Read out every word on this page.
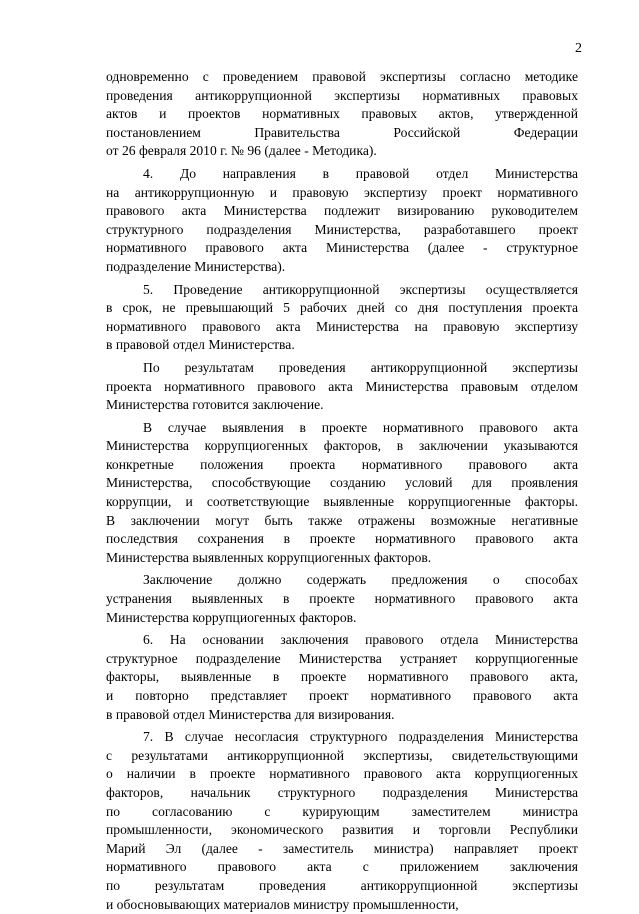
2
одновременно с проведением правовой экспертизы согласно методике
проведения антикоррупционной экспертизы нормативных правовых
актов и проектов нормативных правовых актов, утвержденной
постановлением Правительства Российской Федерации
от 26 февраля 2010 г. № 96 (далее - Методика).
4. До направления в правовой отдел Министерства
на антикоррупционную и правовую экспертизу проект нормативного
правового акта Министерства подлежит визированию руководителем
структурного подразделения Министерства, разработавшего проект
нормативного правового акта Министерства (далее - структурное
подразделение Министерства).
5. Проведение антикоррупционной экспертизы осуществляется
в срок, не превышающий 5 рабочих дней со дня поступления проекта
нормативного правового акта Министерства на правовую экспертизу
в правовой отдел Министерства.
По результатам проведения антикоррупционной экспертизы
проекта нормативного правового акта Министерства правовым отделом
Министерства готовится заключение.
В случае выявления в проекте нормативного правового акта
Министерства коррупциогенных факторов, в заключении указываются
конкретные положения проекта нормативного правового акта
Министерства, способствующие созданию условий для проявления
коррупции, и соответствующие выявленные коррупциогенные факторы.
В заключении могут быть также отражены возможные негативные
последствия сохранения в проекте нормативного правового акта
Министерства выявленных коррупциогенных факторов.
Заключение должно содержать предложения о способах
устранения выявленных в проекте нормативного правового акта
Министерства коррупциогенных факторов.
6. На основании заключения правового отдела Министерства
структурное подразделение Министерства устраняет коррупциогенные
факторы, выявленные в проекте нормативного правового акта,
и повторно представляет проект нормативного правового акта
в правовой отдел Министерства для визирования.
7. В случае несогласия структурного подразделения Министерства
с результатами антикоррупционной экспертизы, свидетельствующими
о наличии в проекте нормативного правового акта коррупциогенных
факторов, начальник структурного подразделения Министерства
по согласованию с курирующим заместителем министра
промышленности, экономического развития и торговли Республики
Марий Эл (далее - заместитель министра) направляет проект
нормативного правового акта с приложением заключения
по результатам проведения антикоррупционной экспертизы
и обосновывающих материалов министру промышленности,
